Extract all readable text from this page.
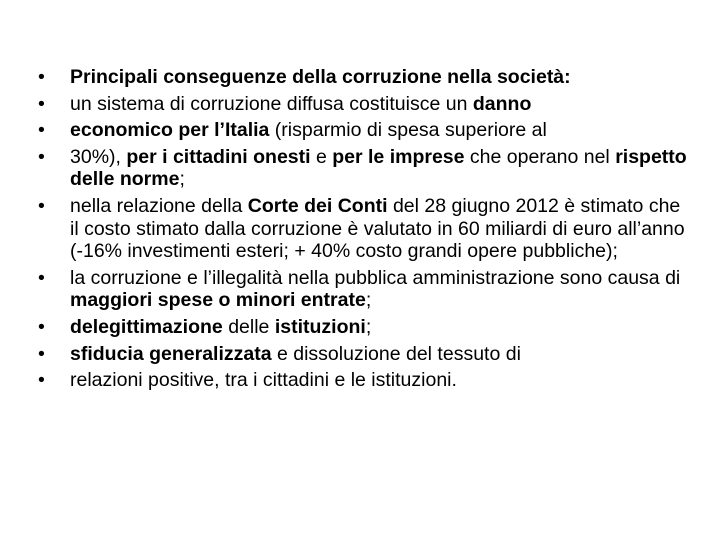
•	Principali conseguenze della corruzione nella società:
•	un sistema di corruzione diffusa costituisce un danno
•	economico per l’Italia (risparmio di spesa superiore al
•	30%), per i cittadini onesti e per le imprese che operano nel rispetto delle norme;
•	nella relazione della Corte dei Conti del 28 giugno 2012 è stimato che il costo stimato dalla corruzione è valutato in 60 miliardi di euro all’anno (-16% investimenti esteri; + 40% costo grandi opere pubbliche);
•	la corruzione e l’illegalità nella pubblica amministrazione sono causa di maggiori spese o minori entrate;
•	delegittimazione delle istituzioni;
•	sfiducia generalizzata e dissoluzione del tessuto di
•	relazioni positive, tra i cittadini e le istituzioni.
